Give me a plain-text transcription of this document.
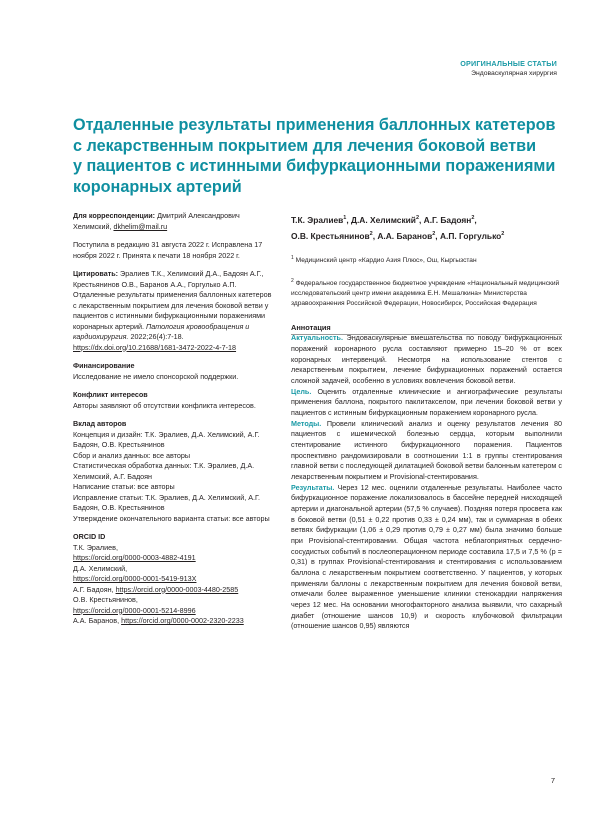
ОРИГИНАЛЬНЫЕ СТАТЬИ
Эндоваскулярная хирургия
Отдаленные результаты применения баллонных катетеров
с лекарственным покрытием для лечения боковой ветви
у пациентов с истинными бифуркационными поражениями
коронарных артерий
Для корреспонденции: Дмитрий Александрович Хелимский, dkhelim@mail.ru
Поступила в редакцию 31 августа 2022 г. Исправлена 17 ноября 2022 г. Принята к печати 18 ноября 2022 г.
Цитировать: Эралиев Т.К., Хелимский Д.А., Бадоян А.Г., Крестьянинов О.В., Баранов А.А., Горгулько А.П. Отдаленные результаты применения баллонных катетеров с лекарственным покрытием для лечения боковой ветви у пациентов с истинными бифуркационными поражениями коронарных артерий. Патология кровообращения и кардиохирургия. 2022;26(4):7-18. https://dx.doi.org/10.21688/1681-3472-2022-4-7-18
Финансирование
Исследование не имело спонсорской поддержки.
Конфликт интересов
Авторы заявляют об отсутствии конфликта интересов.
Вклад авторов
Концепция и дизайн: Т.К. Эралиев, Д.А. Хелимский, А.Г. Бадоян, О.В. Крестьянинов
Сбор и анализ данных: все авторы
Статистическая обработка данных: Т.К. Эралиев, Д.А. Хелимский, А.Г. Бадоян
Написание статьи: все авторы
Исправление статьи: Т.К. Эралиев, Д.А. Хелимский, А.Г. Бадоян, О.В. Крестьянинов
Утверждение окончательного варианта статьи: все авторы
ORCID ID
Т.К. Эралиев,
https://orcid.org/0000-0003-4882-4191
Д.А. Хелимский,
https://orcid.org/0000-0001-5419-913X
А.Г. Бадоян, https://orcid.org/0000-0003-4480-2585
О.В. Крестьянинов,
https://orcid.org/0000-0001-5214-8996
А.А. Баранов, https://orcid.org/0000-0002-2320-2233
Т.К. Эралиев$^1$, Д.А. Хелимский$^2$, А.Г. Бадоян$^2$,
О.В. Крестьянинов$^2$, А.А. Баранов$^2$, А.П. Горгулько$^2$
$^1$ Медицинский центр «Кардио Азия Плюс», Ош, Кыргызстан
$^2$ Федеральное государственное бюджетное учреждение «Национальный медицинский исследовательский центр имени академика Е.Н. Мешалкина» Министерства здравоохранения Российской Федерации, Новосибирск, Российская Федерация
Аннотация
Актуальность. Эндоваскулярные вмешательства по поводу бифуркационных поражений коронарного русла составляют примерно 15–20 % от всех коронарных интервенций. Несмотря на использование стентов с лекарственным покрытием, лечение бифуркационных поражений остается сложной задачей, особенно в условиях вовлечения боковой ветви.
Цель. Оценить отдаленные клинические и ангиографические результаты применения баллона, покрытого паклитакселом, при лечении боковой ветви у пациентов с истинным бифуркационным поражением коронарного русла.
Методы. Провели клинический анализ и оценку результатов лечения 80 пациентов с ишемической болезнью сердца, которым выполнили стентирование истинного бифуркационного поражения. Пациентов проспективно рандомизировали в соотношении 1:1 в группы стентирования главной ветви с последующей дилатацией боковой ветви балонным катетером с лекарственным покрытием и Provisional-стентирования.
Результаты. Через 12 мес. оценили отдаленные результаты. Наиболее часто бифуркационное поражение локализовалось в бассейне передней нисходящей артерии и диагональной артерии (57,5 % случаев). Поздняя потеря просвета как в боковой ветви (0,51 ± 0,22 против 0,33 ± 0,24 мм), так и суммарная в обеих ветвях бифуркации (1,06 ± 0,29 против 0,79 ± 0,27 мм) была значимо больше при Provisional-стентировании. Общая частота неблагоприятных сердечно-сосудистых событий в послеоперационном периоде составила 17,5 и 7,5 % (p = 0,31) в группах Provisional-стентирования и стентирования с использованием баллона с лекарственным покрытием соответственно. У пациентов, у которых применяли баллоны с лекарственным покрытием для лечения боковой ветви, отмечали более выраженное уменьшение клиники стенокардии напряжения через 12 мес. На основании многофакторного анализа выявили, что сахарный диабет (отношение шансов 10,9) и скорость клубочковой фильтрации (отношение шансов 0,95) являются
7
